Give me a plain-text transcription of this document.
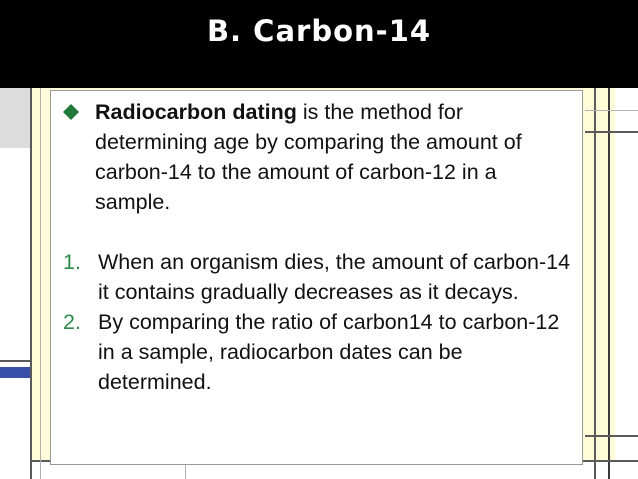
B. Carbon-14
Radiocarbon dating is the method for determining age by comparing the amount of carbon-14 to the amount of carbon-12 in a sample.
1. When an organism dies, the amount of carbon-14 it contains gradually decreases as it decays.
2. By comparing the ratio of carbon14 to carbon-12 in a sample, radiocarbon dates can be determined.
